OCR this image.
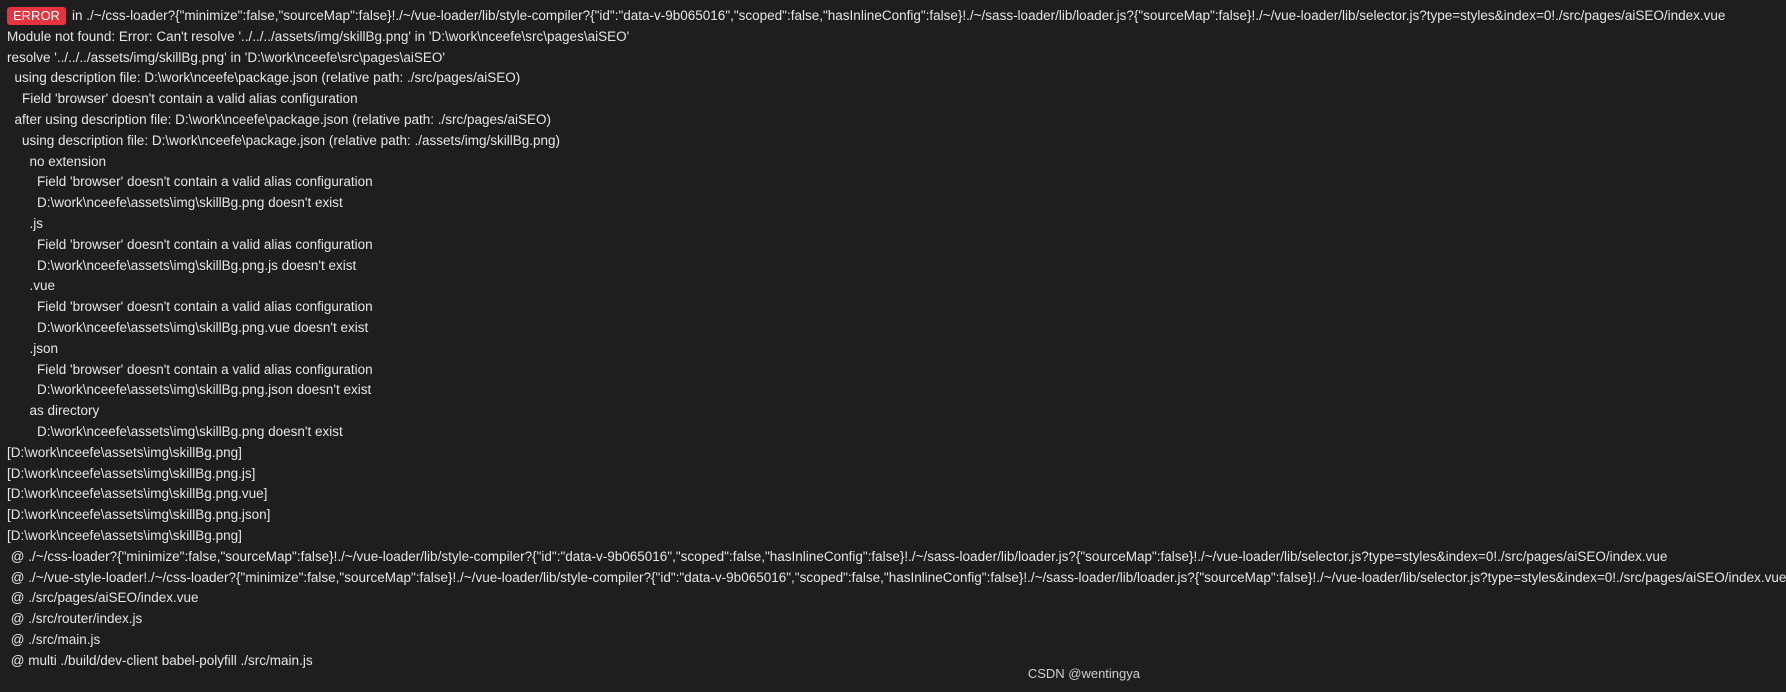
ERROR in ./~/css-loader?{"minimize":false,"sourceMap":false}!./~/vue-loader/lib/style-compiler?{"id":"data-v-9b065016","scoped":false,"hasInlineConfig":false}!./~/sass-loader/lib/loader.js?{"sourceMap":false}!./~/vue-loader/lib/selector.js?type=styles&index=0!./src/pages/aiSEO/index.vue
Module not found: Error: Can't resolve '../../../assets/img/skillBg.png' in 'D:\work\nceefe\src\pages\aiSEO'
resolve '../../../assets/img/skillBg.png' in 'D:\work\nceefe\src\pages\aiSEO'
using description file: D:\work\nceefe\package.json (relative path: ./src/pages/aiSEO)
Field 'browser' doesn't contain a valid alias configuration
after using description file: D:\work\nceefe\package.json (relative path: ./src/pages/aiSEO)
using description file: D:\work\nceefe\package.json (relative path: ./assets/img/skillBg.png)
no extension
Field 'browser' doesn't contain a valid alias configuration
D:\work\nceefe\assets\img\skillBg.png doesn't exist
.js
Field 'browser' doesn't contain a valid alias configuration
D:\work\nceefe\assets\img\skillBg.png.js doesn't exist
.vue
Field 'browser' doesn't contain a valid alias configuration
D:\work\nceefe\assets\img\skillBg.png.vue doesn't exist
.json
Field 'browser' doesn't contain a valid alias configuration
D:\work\nceefe\assets\img\skillBg.png.json doesn't exist
as directory
D:\work\nceefe\assets\img\skillBg.png doesn't exist
[D:\work\nceefe\assets\img\skillBg.png]
[D:\work\nceefe\assets\img\skillBg.png.js]
[D:\work\nceefe\assets\img\skillBg.png.vue]
[D:\work\nceefe\assets\img\skillBg.png.json]
[D:\work\nceefe\assets\img\skillBg.png]
@ ./~/css-loader?{"minimize":false,"sourceMap":false}!./~/vue-loader/lib/style-compiler?{"id":"data-v-9b065016","scoped":false,"hasInlineConfig":false}!./~/sass-loader/lib/loader.js?{"sourceMap":false}!./~/vue-loader/lib/selector.js?type=styles&index=0!./src/pages/aiSEO/index.vue
@ ./~/vue-style-loader!./~/css-loader?{"minimize":false,"sourceMap":false}!./~/vue-loader/lib/style-compiler?{"id":"data-v-9b065016","scoped":false,"hasInlineConfig":false}!./~/sass-loader/lib/loader.js?{"sourceMap":false}!./~/vue-loader/lib/selector.js?type=styles&index=0!./src/pages/aiSEO/index.vue
@ ./src/pages/aiSEO/index.vue
@ ./src/router/index.js
@ ./src/main.js
@ multi ./build/dev-client babel-polyfill ./src/main.js
CSDN @wentingya
